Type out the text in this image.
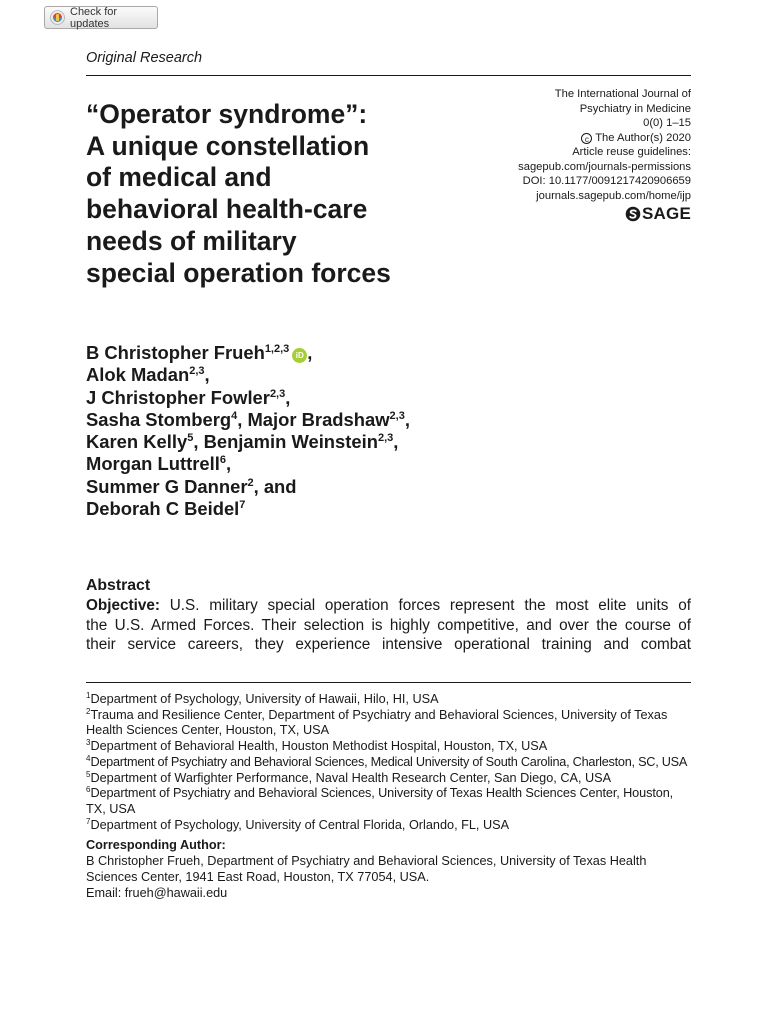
Check for updates
Original Research
“Operator syndrome”:
A unique constellation
of medical and
behavioral health-care
needs of military
special operation forces
The International Journal of
Psychiatry in Medicine
0(0) 1–15
c The Author(s) 2020
Article reuse guidelines:
sagepub.com/journals-permissions
DOI: 10.1177/0091217420906659
journals.sagepub.com/home/ijp
SAGE
B Christopher Frueh$^{1,2,3}$iD ,
Alok Madan$^{2,3}$,
J Christopher Fowler$^{2,3}$,
Sasha Stomberg$^4$, Major Bradshaw$^{2,3}$,
Karen Kelly$^5$, Benjamin Weinstein$^{2,3}$,
Morgan Luttrell$^6$,
Summer G Danner$^2$, and
Deborah C Beidel$^7$
Abstract
Objective: U.S. military special operation forces represent the most elite units of
the U.S. Armed Forces. Their selection is highly competitive, and over the course of
their service careers, they experience intensive operational training and combat
$^1$Department of Psychology, University of Hawaii, Hilo, HI, USA
$^2$Trauma and Resilience Center, Department of Psychiatry and Behavioral Sciences, University of Texas
Health Sciences Center, Houston, TX, USA
$^3$Department of Behavioral Health, Houston Methodist Hospital, Houston, TX, USA
$^4$Department of Psychiatry and Behavioral Sciences, Medical University of South Carolina, Charleston, SC, USA
$^5$Department of Warfighter Performance, Naval Health Research Center, San Diego, CA, USA
$^6$Department of Psychiatry and Behavioral Sciences, University of Texas Health Sciences Center, Houston,
TX, USA
$^7$Department of Psychology, University of Central Florida, Orlando, FL, USA
Corresponding Author:
B Christopher Frueh, Department of Psychiatry and Behavioral Sciences, University of Texas Health
Sciences Center, 1941 East Road, Houston, TX 77054, USA.
Email: frueh@hawaii.edu
